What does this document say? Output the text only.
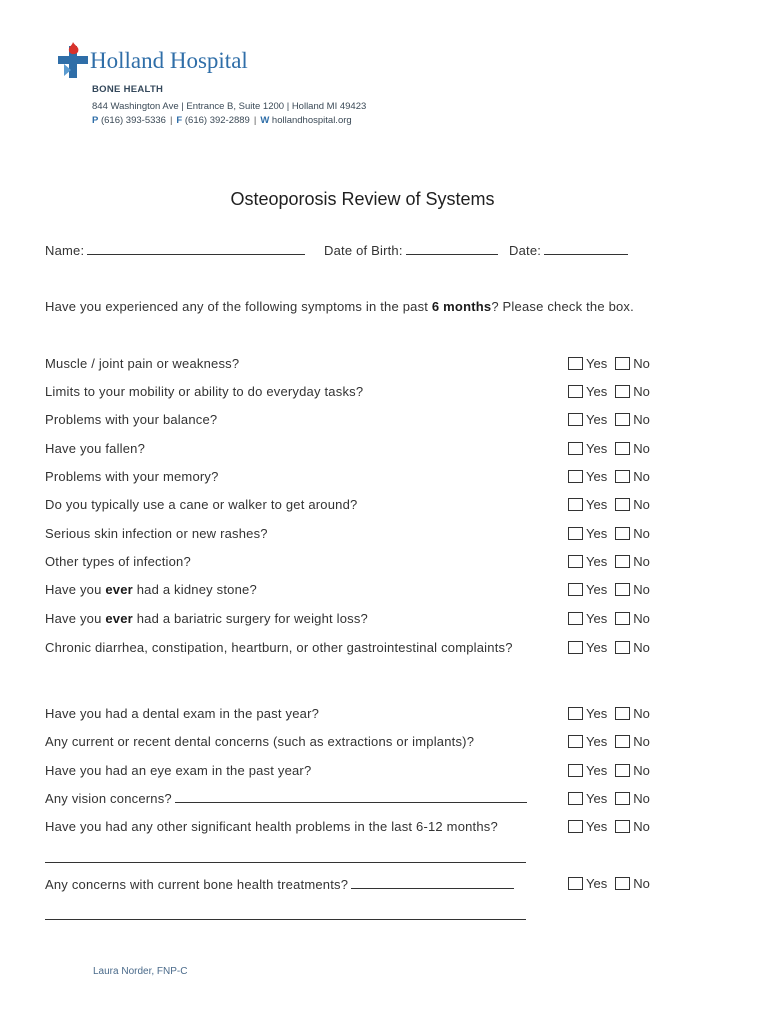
Holland Hospital
BONE HEALTH
844 Washington Ave | Entrance B, Suite 1200 | Holland MI 49423
P (616) 393-5336 | F (616) 392-2889 | W hollandhospital.org
Osteoporosis Review of Systems
Name:	Date of Birth:	Date:
Have you experienced any of the following symptoms in the past 6 months? Please check the box.
Muscle / joint pain or weakness?	Yes No
Limits to your mobility or ability to do everyday tasks?	Yes No
Problems with your balance?	Yes No
Have you fallen?	Yes No
Problems with your memory?	Yes No
Do you typically use a cane or walker to get around?	Yes No
Serious skin infection or new rashes?	Yes No
Other types of infection?	Yes No
Have you ever had a kidney stone?	Yes No
Have you ever had a bariatric surgery for weight loss?	Yes No
Chronic diarrhea, constipation, heartburn, or other gastrointestinal complaints?	Yes No
Have you had a dental exam in the past year?	Yes No
Any current or recent dental concerns (such as extractions or implants)?	Yes No
Have you had an eye exam in the past year?	Yes No
Any vision concerns?	Yes No
Have you had any other significant health problems in the last 6-12 months?	Yes No
Any concerns with current bone health treatments?	Yes No
Laura Norder, FNP-C
